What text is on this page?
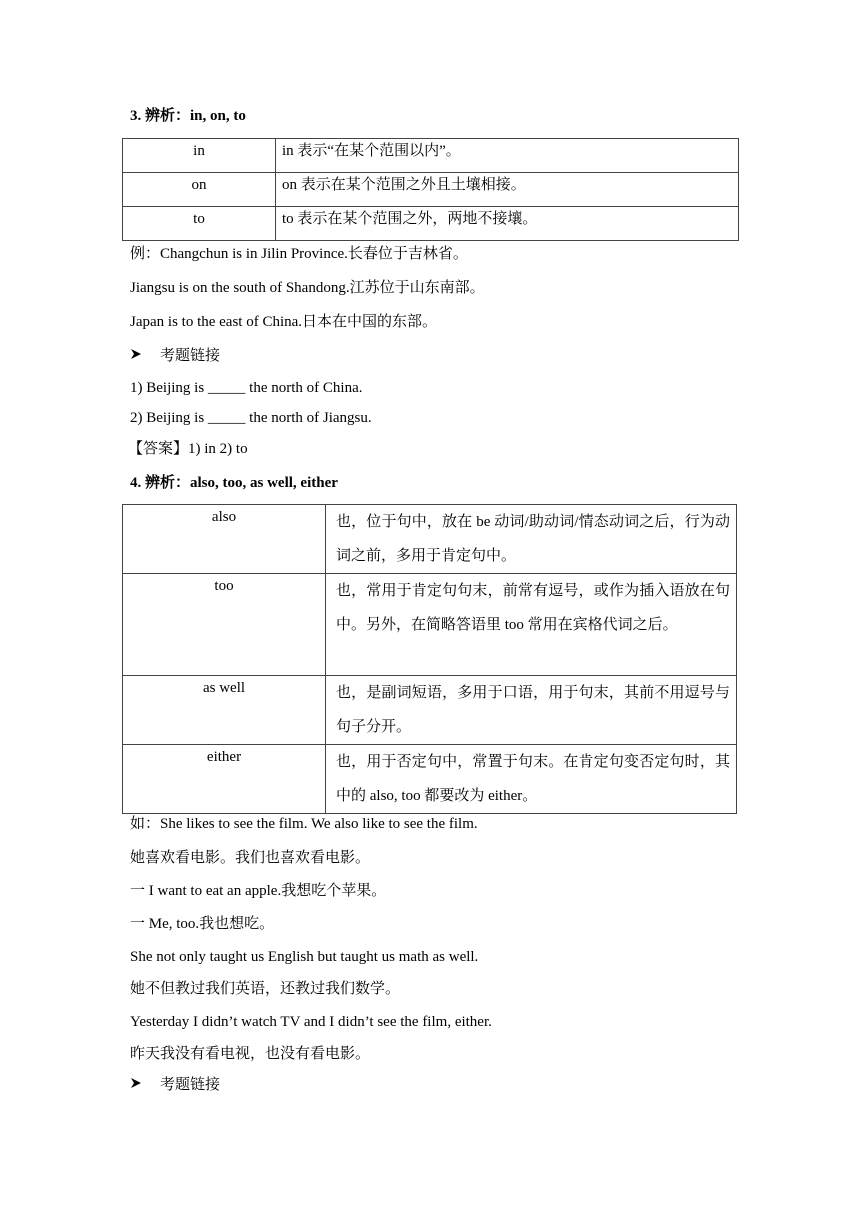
3. 辨析：in, on, to
in	in 表示“在某个范围以内”。
on	on 表示在某个范围之外且土壤相接。
to	to 表示在某个范围之外，两地不接壤。
例：Changchun is in Jilin Province.长春位于吉林省。
Jiangsu is on the south of Shandong.江苏位于山东南部。
Japan is to the east of China.日本在中国的东部。
考题链接
1) Beijing is _____ the north of China.
2) Beijing is _____ the north of Jiangsu.
【答案】1) in 2) to
4. 辨析：also, too, as well, either
also	也，位于句中，放在 be 动词/助动词/情态动词之后，行为动词之前，多用于肯定句中。
too	也，常用于肯定句句末，前常有逗号，或作为插入语放在句中。另外，在简略答语里 too 常用在宾格代词之后。
as well	也，是副词短语，多用于口语，用于句末，其前不用逗号与句子分开。
either	也，用于否定句中，常置于句末。在肯定句变否定句时，其中的 also, too 都要改为 either。
如：She likes to see the film. We also like to see the film.
她喜欢看电影。我们也喜欢看电影。
一 I want to eat an apple.我想吃个苹果。
一 Me, too.我也想吃。
She not only taught us English but taught us math as well.
她不但教过我们英语，还教过我们数学。
Yesterday I didn’t watch TV and I didn’t see the film, either.
昨天我没有看电视，也没有看电影。
考题链接
